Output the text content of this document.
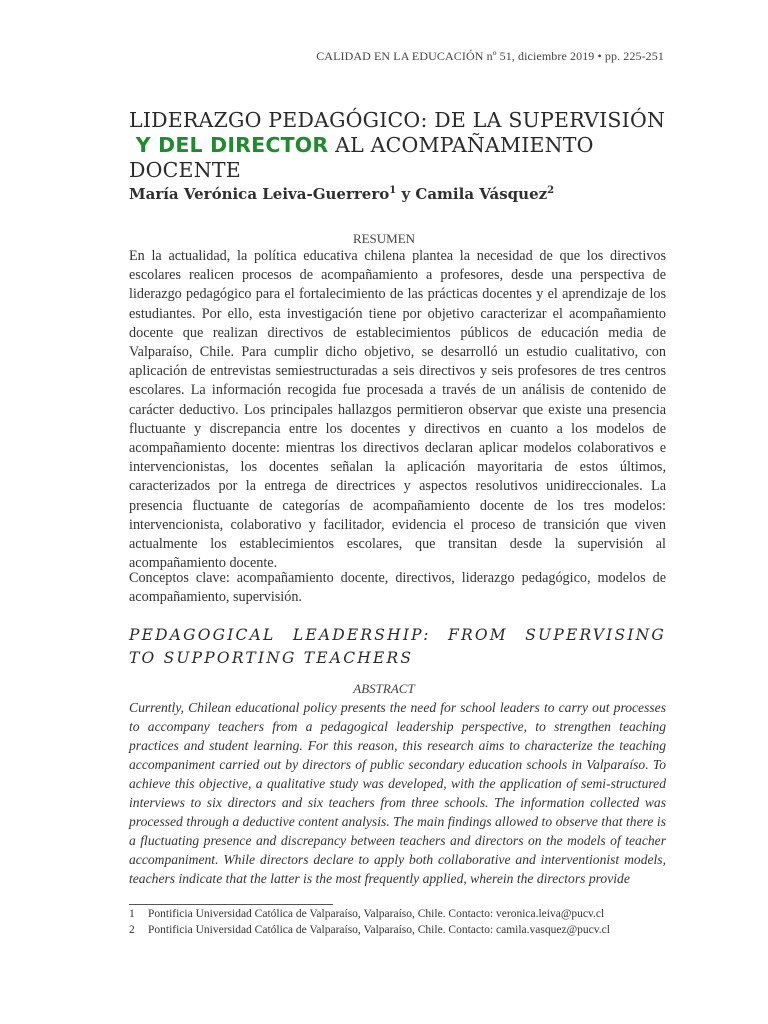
CALIDAD EN LA EDUCACIÓN nº 51, diciembre 2019 • pp. 225-251
LIDERAZGO PEDAGÓGICO: DE LA SUPERVISIÓN
Y DEL DIRECTOR AL ACOMPAÑAMIENTO DOCENTE
María Verónica Leiva-Guerrero$^1$ y Camila Vásquez$^2$
RESUMEN

En la actualidad, la política educativa chilena plantea la necesidad de que los directivos escolares realicen procesos de acompañamiento a profesores, desde una perspectiva de liderazgo pedagógico para el fortalecimiento de las prácticas docentes y el aprendizaje de los estudiantes. Por ello, esta investigación tiene por objetivo caracterizar el acompañamiento docente que realizan directivos de establecimientos públicos de educación media de Valparaíso, Chile. Para cumplir dicho objetivo, se desarrolló un estudio cualitativo, con aplicación de entrevistas semiestructuradas a seis directivos y seis profesores de tres centros escolares. La información recogida fue procesada a través de un análisis de contenido de carácter deductivo. Los principales hallazgos permitieron observar que existe una presencia fluctuante y discrepancia entre los docentes y directivos en cuanto a los modelos de acompañamiento docente: mientras los directivos declaran aplicar modelos colaborativos e intervencionistas, los docentes señalan la aplicación mayoritaria de estos últimos, caracterizados por la entrega de directrices y aspectos resolutivos unidireccionales. La presencia fluctuante de categorías de acompañamiento docente de los tres modelos: intervencionista, colaborativo y facilitador, evidencia el proceso de transición que viven actualmente los establecimientos escolares, que transitan desde la supervisión al acompañamiento docente.

Conceptos clave: acompañamiento docente, directivos, liderazgo pedagógico, modelos de acompañamiento, supervisión.

PEDAGOGICAL LEADERSHIP: FROM SUPERVISING TO SUPPORTING TEACHERS
ABSTRACT

Currently, Chilean educational policy presents the need for school leaders to carry out processes to accompany teachers from a pedagogical leadership perspective, to strengthen teaching practices and student learning. For this reason, this research aims to characterize the teaching accompaniment carried out by directors of public secondary education schools in Valparaíso. To achieve this objective, a qualitative study was developed, with the application of semi-structured interviews to six directors and six teachers from three schools. The information collected was processed through a deductive content analysis. The main findings allowed to observe that there is a fluctuating presence and discrepancy between teachers and directors on the models of teacher accompaniment. While directors declare to apply both collaborative and interventionist models, teachers indicate that the latter is the most frequently applied, wherein the directors provide

1 Pontificia Universidad Católica de Valparaíso, Valparaíso, Chile. Contacto: veronica.leiva@pucv.cl
2 Pontificia Universidad Católica de Valparaíso, Valparaíso, Chile. Contacto: camila.vasquez@pucv.cl
